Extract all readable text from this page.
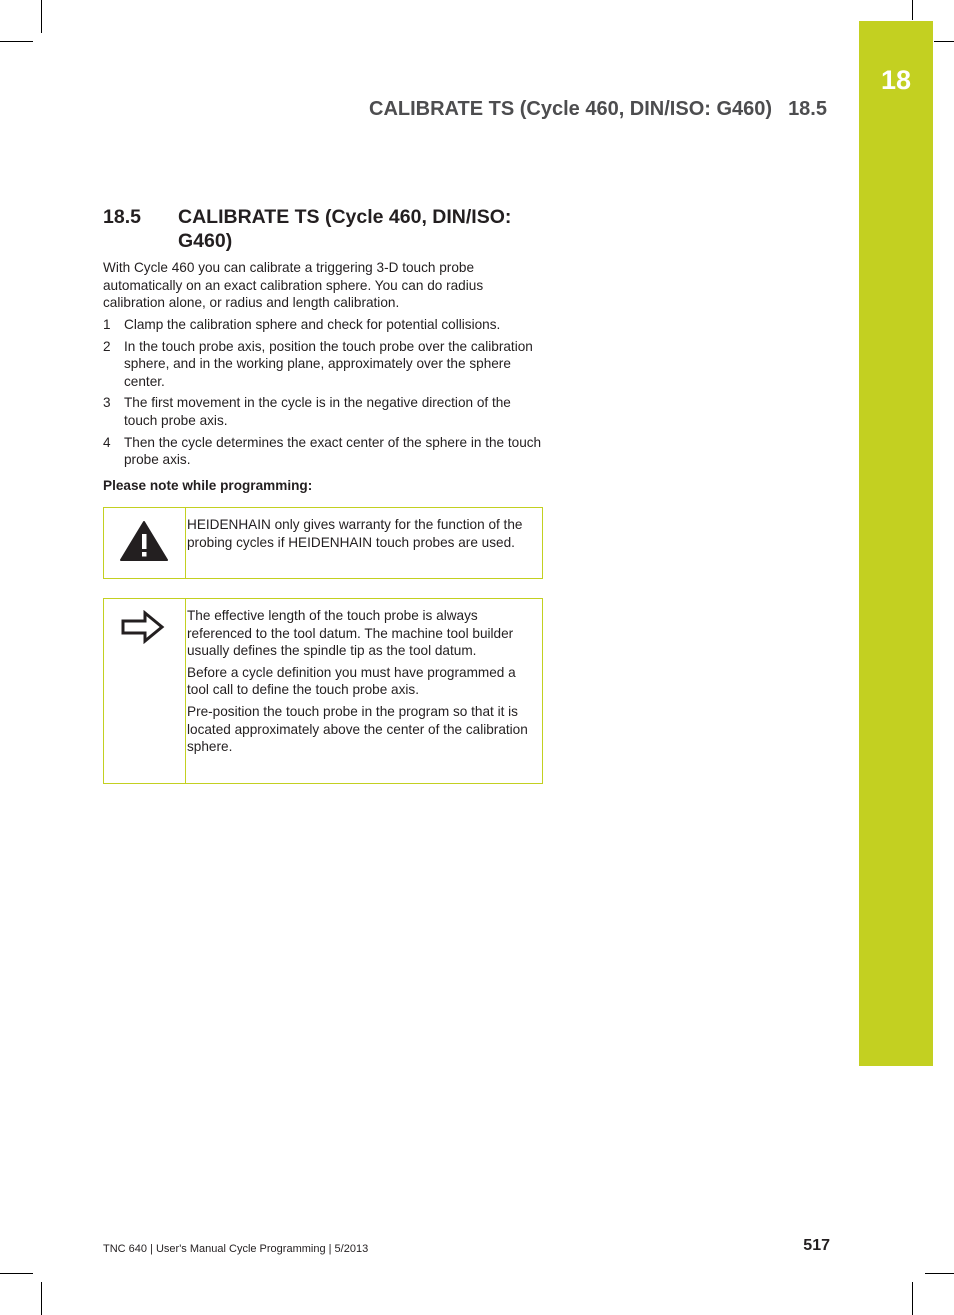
18
CALIBRATE TS (Cycle 460, DIN/ISO: G460) 18.5
18.5 CALIBRATE TS (Cycle 460, DIN/ISO: G460)
With Cycle 460 you can calibrate a triggering 3-D touch probe automatically on an exact calibration sphere. You can do radius calibration alone, or radius and length calibration.
1 Clamp the calibration sphere and check for potential collisions.
2 In the touch probe axis, position the touch probe over the calibration sphere, and in the working plane, approximately over the sphere center.
3 The first movement in the cycle is in the negative direction of the touch probe axis.
4 Then the cycle determines the exact center of the sphere in the touch probe axis.
Please note while programming:

HEIDENHAIN only gives warranty for the function of the probing cycles if HEIDENHAIN touch probes are used.

The effective length of the touch probe is always referenced to the tool datum. The machine tool builder usually defines the spindle tip as the tool datum.

Before a cycle definition you must have programmed a tool call to define the touch probe axis.

Pre-position the touch probe in the program so that it is located approximately above the center of the calibration sphere.

TNC 640 | User's Manual Cycle Programming | 5/2013	517
